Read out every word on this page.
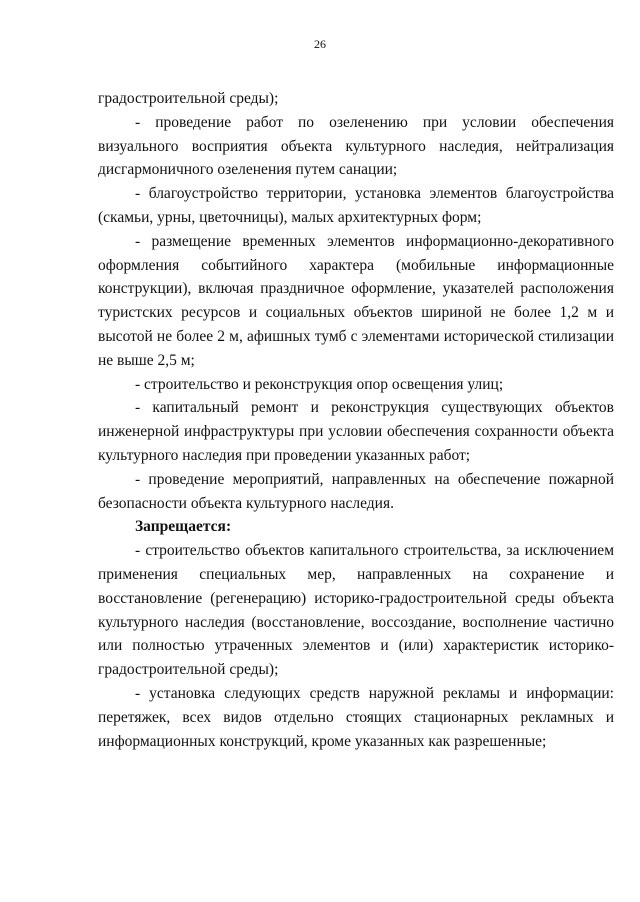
26

градостроительной среды);

- проведение работ по озеленению при условии обеспечения визуального восприятия объекта культурного наследия, нейтрализация дисгармоничного озеленения путем санации;

- благоустройство территории, установка элементов благоустройства (скамьи, урны, цветочницы), малых архитектурных форм;

- размещение временных элементов информационно-декоративного

оформления событийного характера (мобильные информационные

конструкции), включая праздничное оформление, указателей расположения туристских ресурсов и социальных объектов шириной не более 1,2 м и высотой не более 2 м, афишных тумб с элементами исторической стилизации не выше 2,5 м;

- строительство и реконструкция опор освещения улиц;

- капитальный ремонт и реконструкция существующих объектов инженерной инфраструктуры при условии обеспечения сохранности объекта культурного наследия при проведении указанных работ;

- проведение мероприятий, направленных на обеспечение пожарной безопасности объекта культурного наследия.

Запрещается:

- строительство объектов капитального строительства, за исключением применения специальных мер, направленных на сохранение и восстановление (регенерацию) историко-градостроительной среды объекта культурного наследия (восстановление, воссоздание, восполнение частично или полностью утраченных элементов и (или) характеристик историко-градостроительной среды);

- установка следующих средств наружной рекламы и информации: перетяжек, всех видов отдельно стоящих стационарных рекламных и информационных конструкций, кроме указанных как разрешенные;
